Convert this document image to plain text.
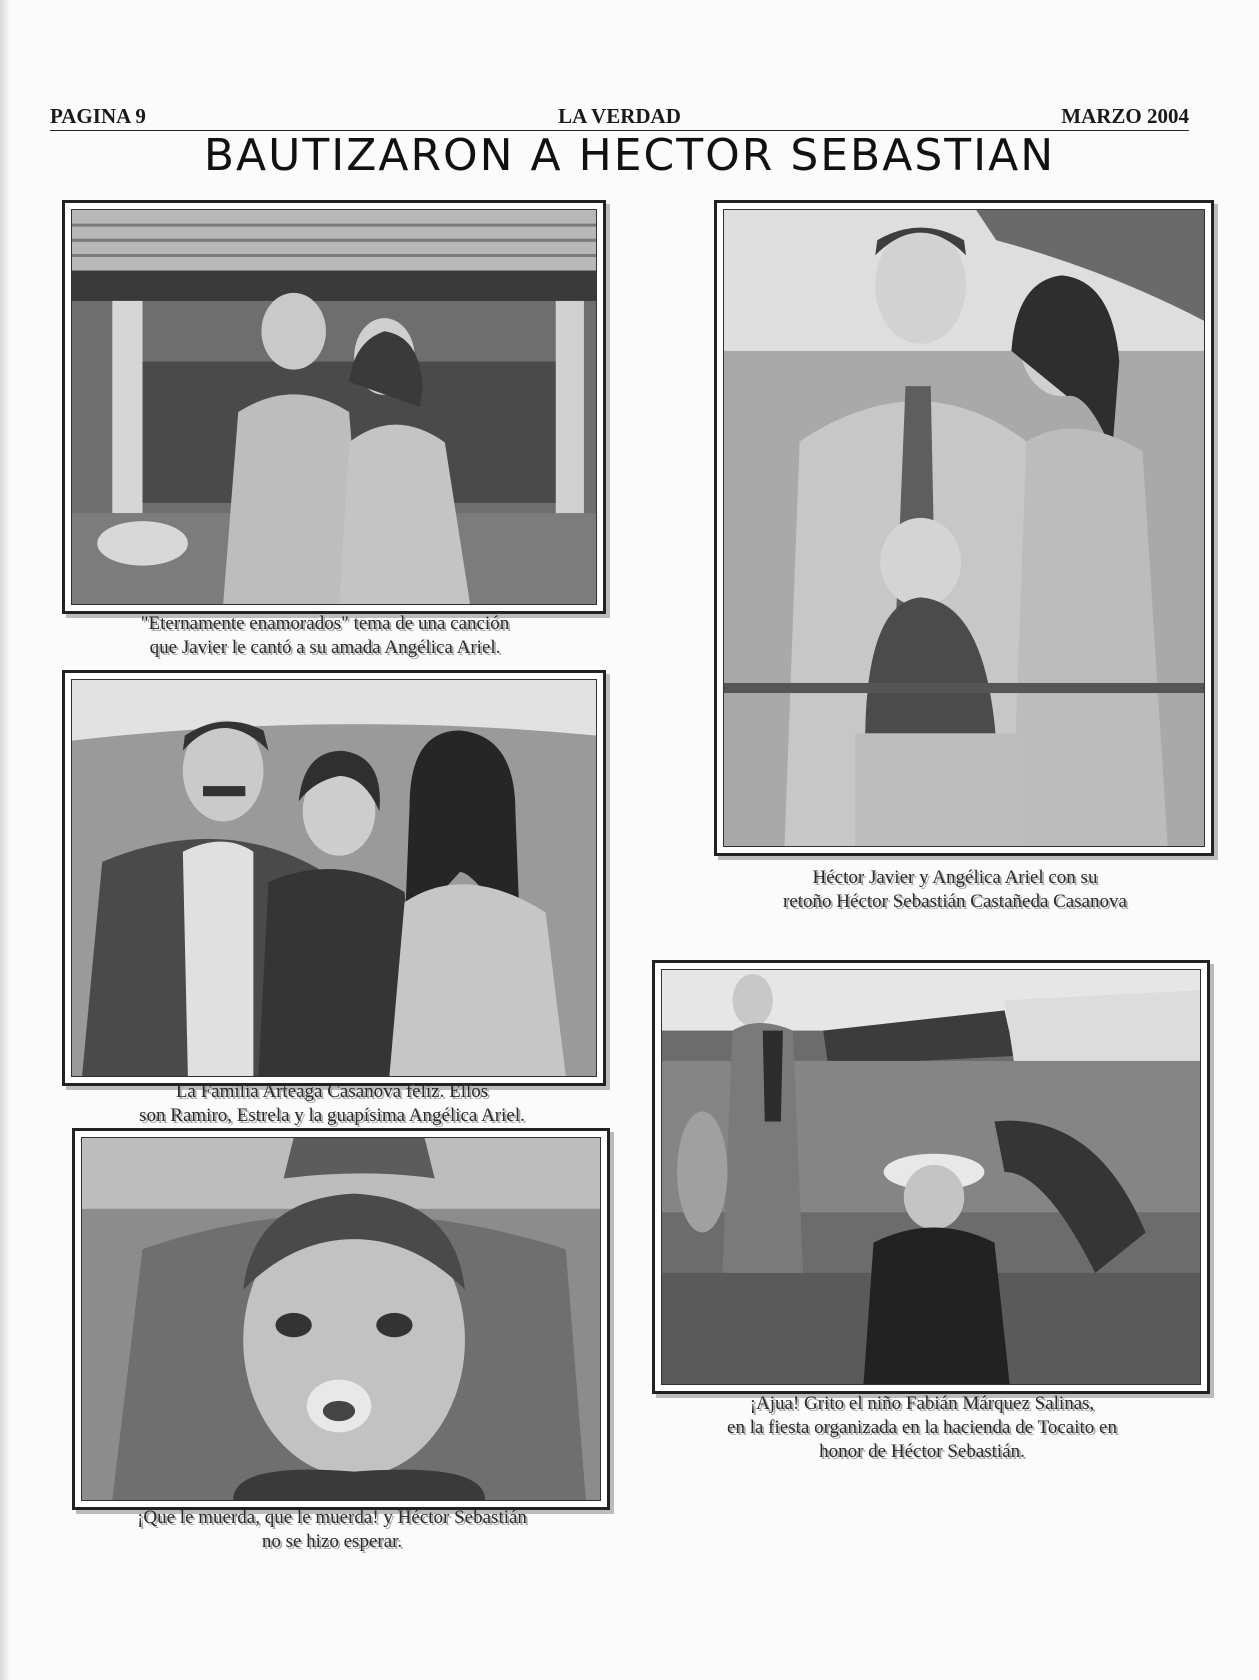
PAGINA 9	LA VERDAD	MARZO 2004
BAUTIZARON A HECTOR SEBASTIAN
"Eternamente enamorados" tema de una canción
que Javier le cantó a su amada Angélica Ariel.
Héctor Javier y Angélica Ariel con su
retoño Héctor Sebastián Castañeda Casanova
La Familia Arteaga Casanova feliz. Ellos
son Ramiro, Estrela y la guapísima Angélica Ariel.
¡Ajua! Grito el niño Fabián Márquez Salinas,
en la fiesta organizada en la hacienda de Tocaito en
honor de Héctor Sebastián.
¡Que le muerda, que le muerda! y Héctor Sebastián
no se hizo esperar.
